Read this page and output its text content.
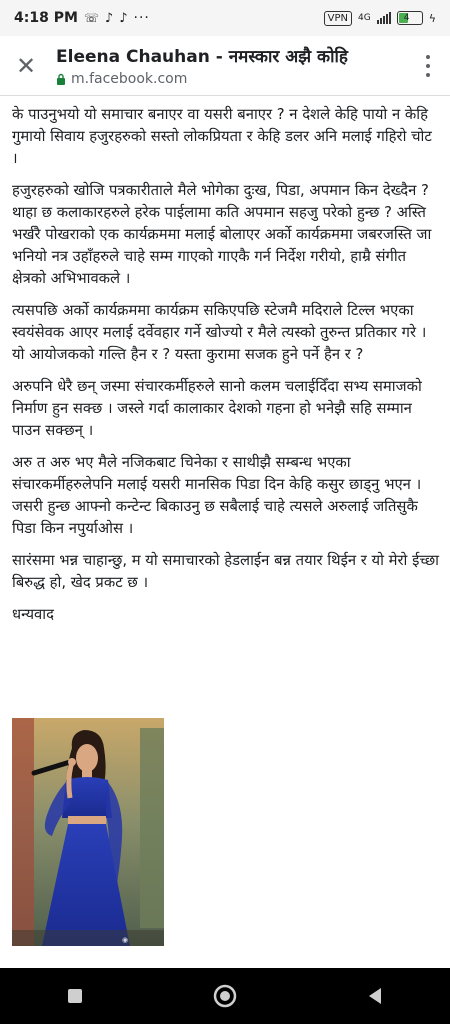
4:18 PM ☏ ♪ ♪ ···	VPN	4G	4 ϟ
✕ Eleena Chauhan - नमस्कार अझै कोहि
m.facebook.com

के पाउनुभयो यो समाचार बनाएर वा यसरी बनाएर ? न देशले केहि पायो न केहि गुमायो सिवाय हजुरहरुको सस्तो लोकप्रियता र केहि डलर अनि मलाई गहिरो चोट ।

हजुरहरुको खोजि पत्रकारीताले मैले भोगेका दुःख, पिडा, अपमान किन देख्दैन ? थाहा छ कलाकारहरुले हरेक पाईलामा कति अपमान सहजु परेको हुन्छ ? अस्ति भर्खरै पोखराको एक कार्यक्रममा मलाई बोलाएर अर्को कार्यक्रममा जबरजस्ति जा भनियो नत्र उहाँहरुले चाहे सम्म गाएको गाएकै गर्न निर्देश गरीयो, हाम्रै संगीत क्षेत्रको अभिभावकले ।

त्यसपछि अर्को कार्यक्रममा कार्यक्रम सकिएपछि स्टेजमै मदिराले टिल्ल भएका स्वयंसेवक आएर मलाई दर्वेवहार गर्ने खोज्यो र मैले त्यस्को तुरुन्त प्रतिकार गरे । यो आयोजकको गल्ति हैन र ? यस्ता कुरामा सजक हुने पर्ने हैन र ?

अरुपनि धेरै छन् जस्मा संचारकर्मीहरुले सानो कलम चलाईदिँदा सभ्य समाजको निर्माण हुन सक्छ । जस्ले गर्दा कालाकार देशको गहना हो भनेझै सहि सम्मान पाउन सक्छन् ।

अरु त अरु भए मैले नजिकबाट चिनेका र साथीझै सम्बन्ध भएका संचारकर्मीहरुलेपनि मलाई यसरी मानसिक पिडा दिन केहि कसुर छाड्नु भएन । जसरी हुन्छ आफ्नो कन्टेन्ट बिकाउनु छ सबैलाई चाहे त्यसले अरुलाई जतिसुकै पिडा किन नपुर्याओस ।

सारंसमा भन्न चाहान्छु, म यो समाचारको हेडलाईन बन्न तयार थिईन र यो मेरो ईच्छा बिरुद्ध हो, खेद प्रकट छ ।

धन्यवाद
◉
